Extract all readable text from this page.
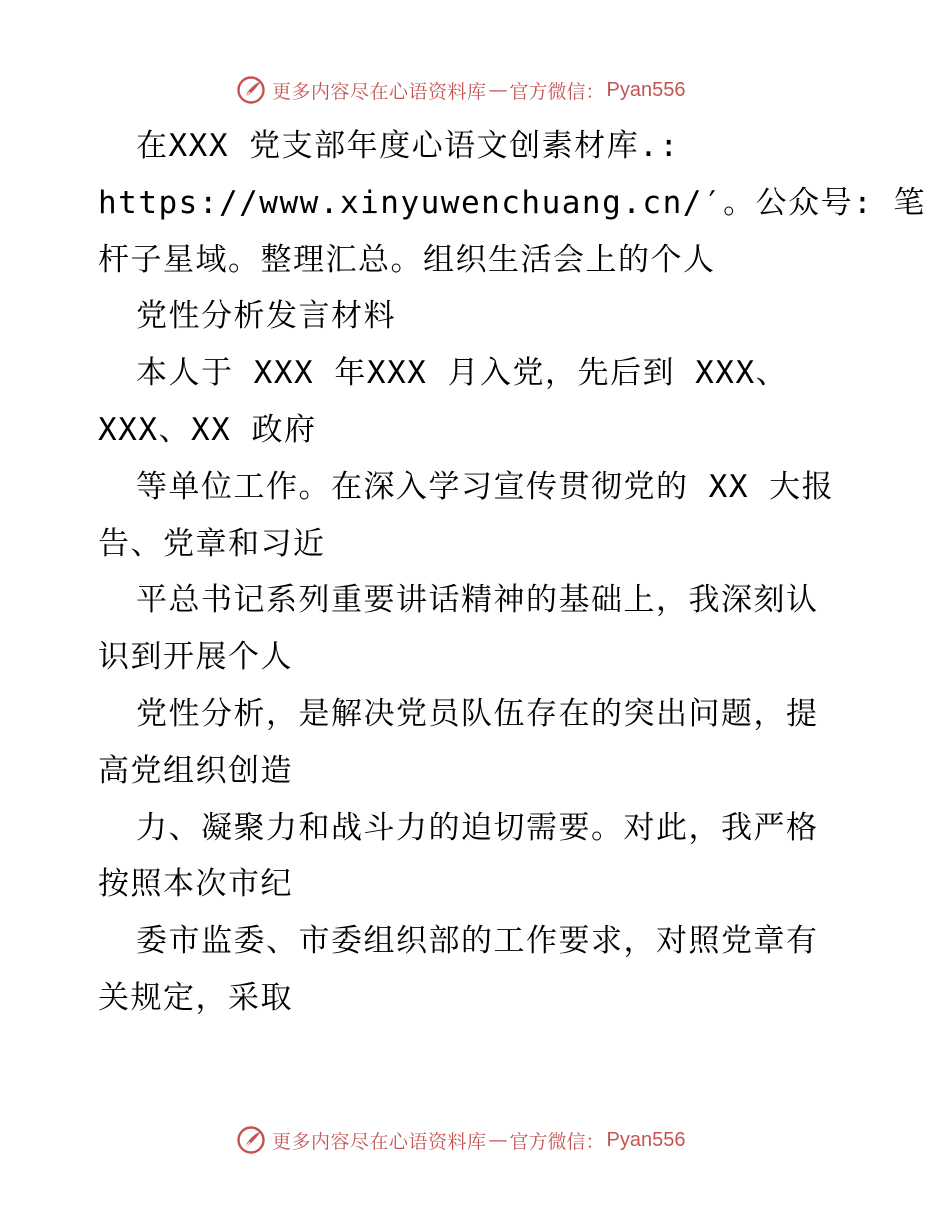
更多内容尽在心语资料库 — 官方微信： Pyan556
在XXX 党支部年度心语文创素材库.:
https://www.xinyuwenchuang.cn/′。公众号: 笔
杆子星域。整理汇总。组织生活会上的个人
党性分析发言材料
本人于 XXX 年XXX 月入党，先后到 XXX、
XXX、XX 政府
等单位工作。在深入学习宣传贯彻党的 XX 大报
告、党章和习近
平总书记系列重要讲话精神的基础上，我深刻认
识到开展个人
党性分析，是解决党员队伍存在的突出问题，提
高党组织创造
力、凝聚力和战斗力的迫切需要。对此，我严格
按照本次市纪
委市监委、市委组织部的工作要求，对照党章有
关规定，采取
更多内容尽在心语资料库 — 官方微信： Pyan556
